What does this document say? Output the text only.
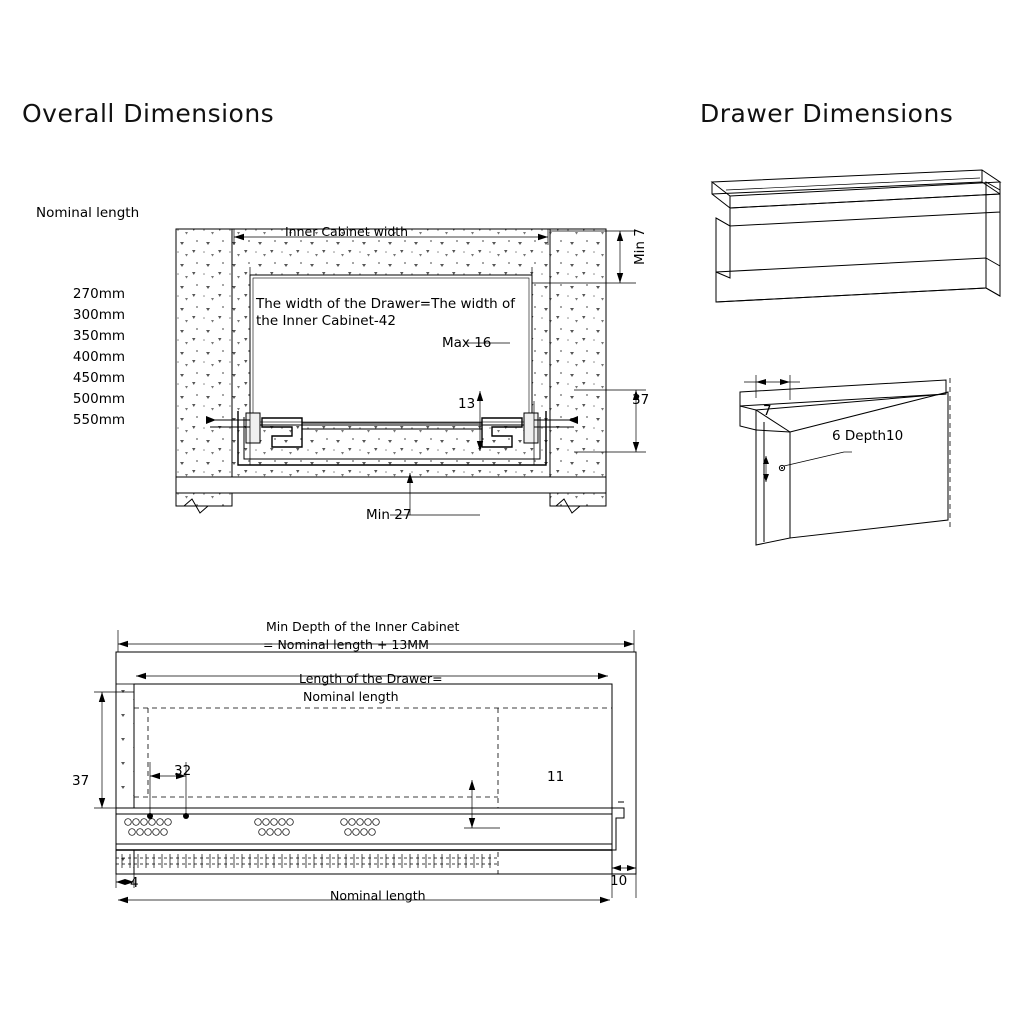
Overall Dimensions	Drawer Dimensions
Nominal length
270mm
300mm
350mm
400mm
450mm
500mm
550mm
Inner Cabinet width
The width of the Drawer=The width of the Inner Cabinet-42
Min 7
Max 16
13	37
Min 27
7
6 Depth10
Min Depth of the Inner Cabinet
= Nominal length + 13MM
Length of the Drawer=
Nominal length
37
32	11
4	10
Nominal length
